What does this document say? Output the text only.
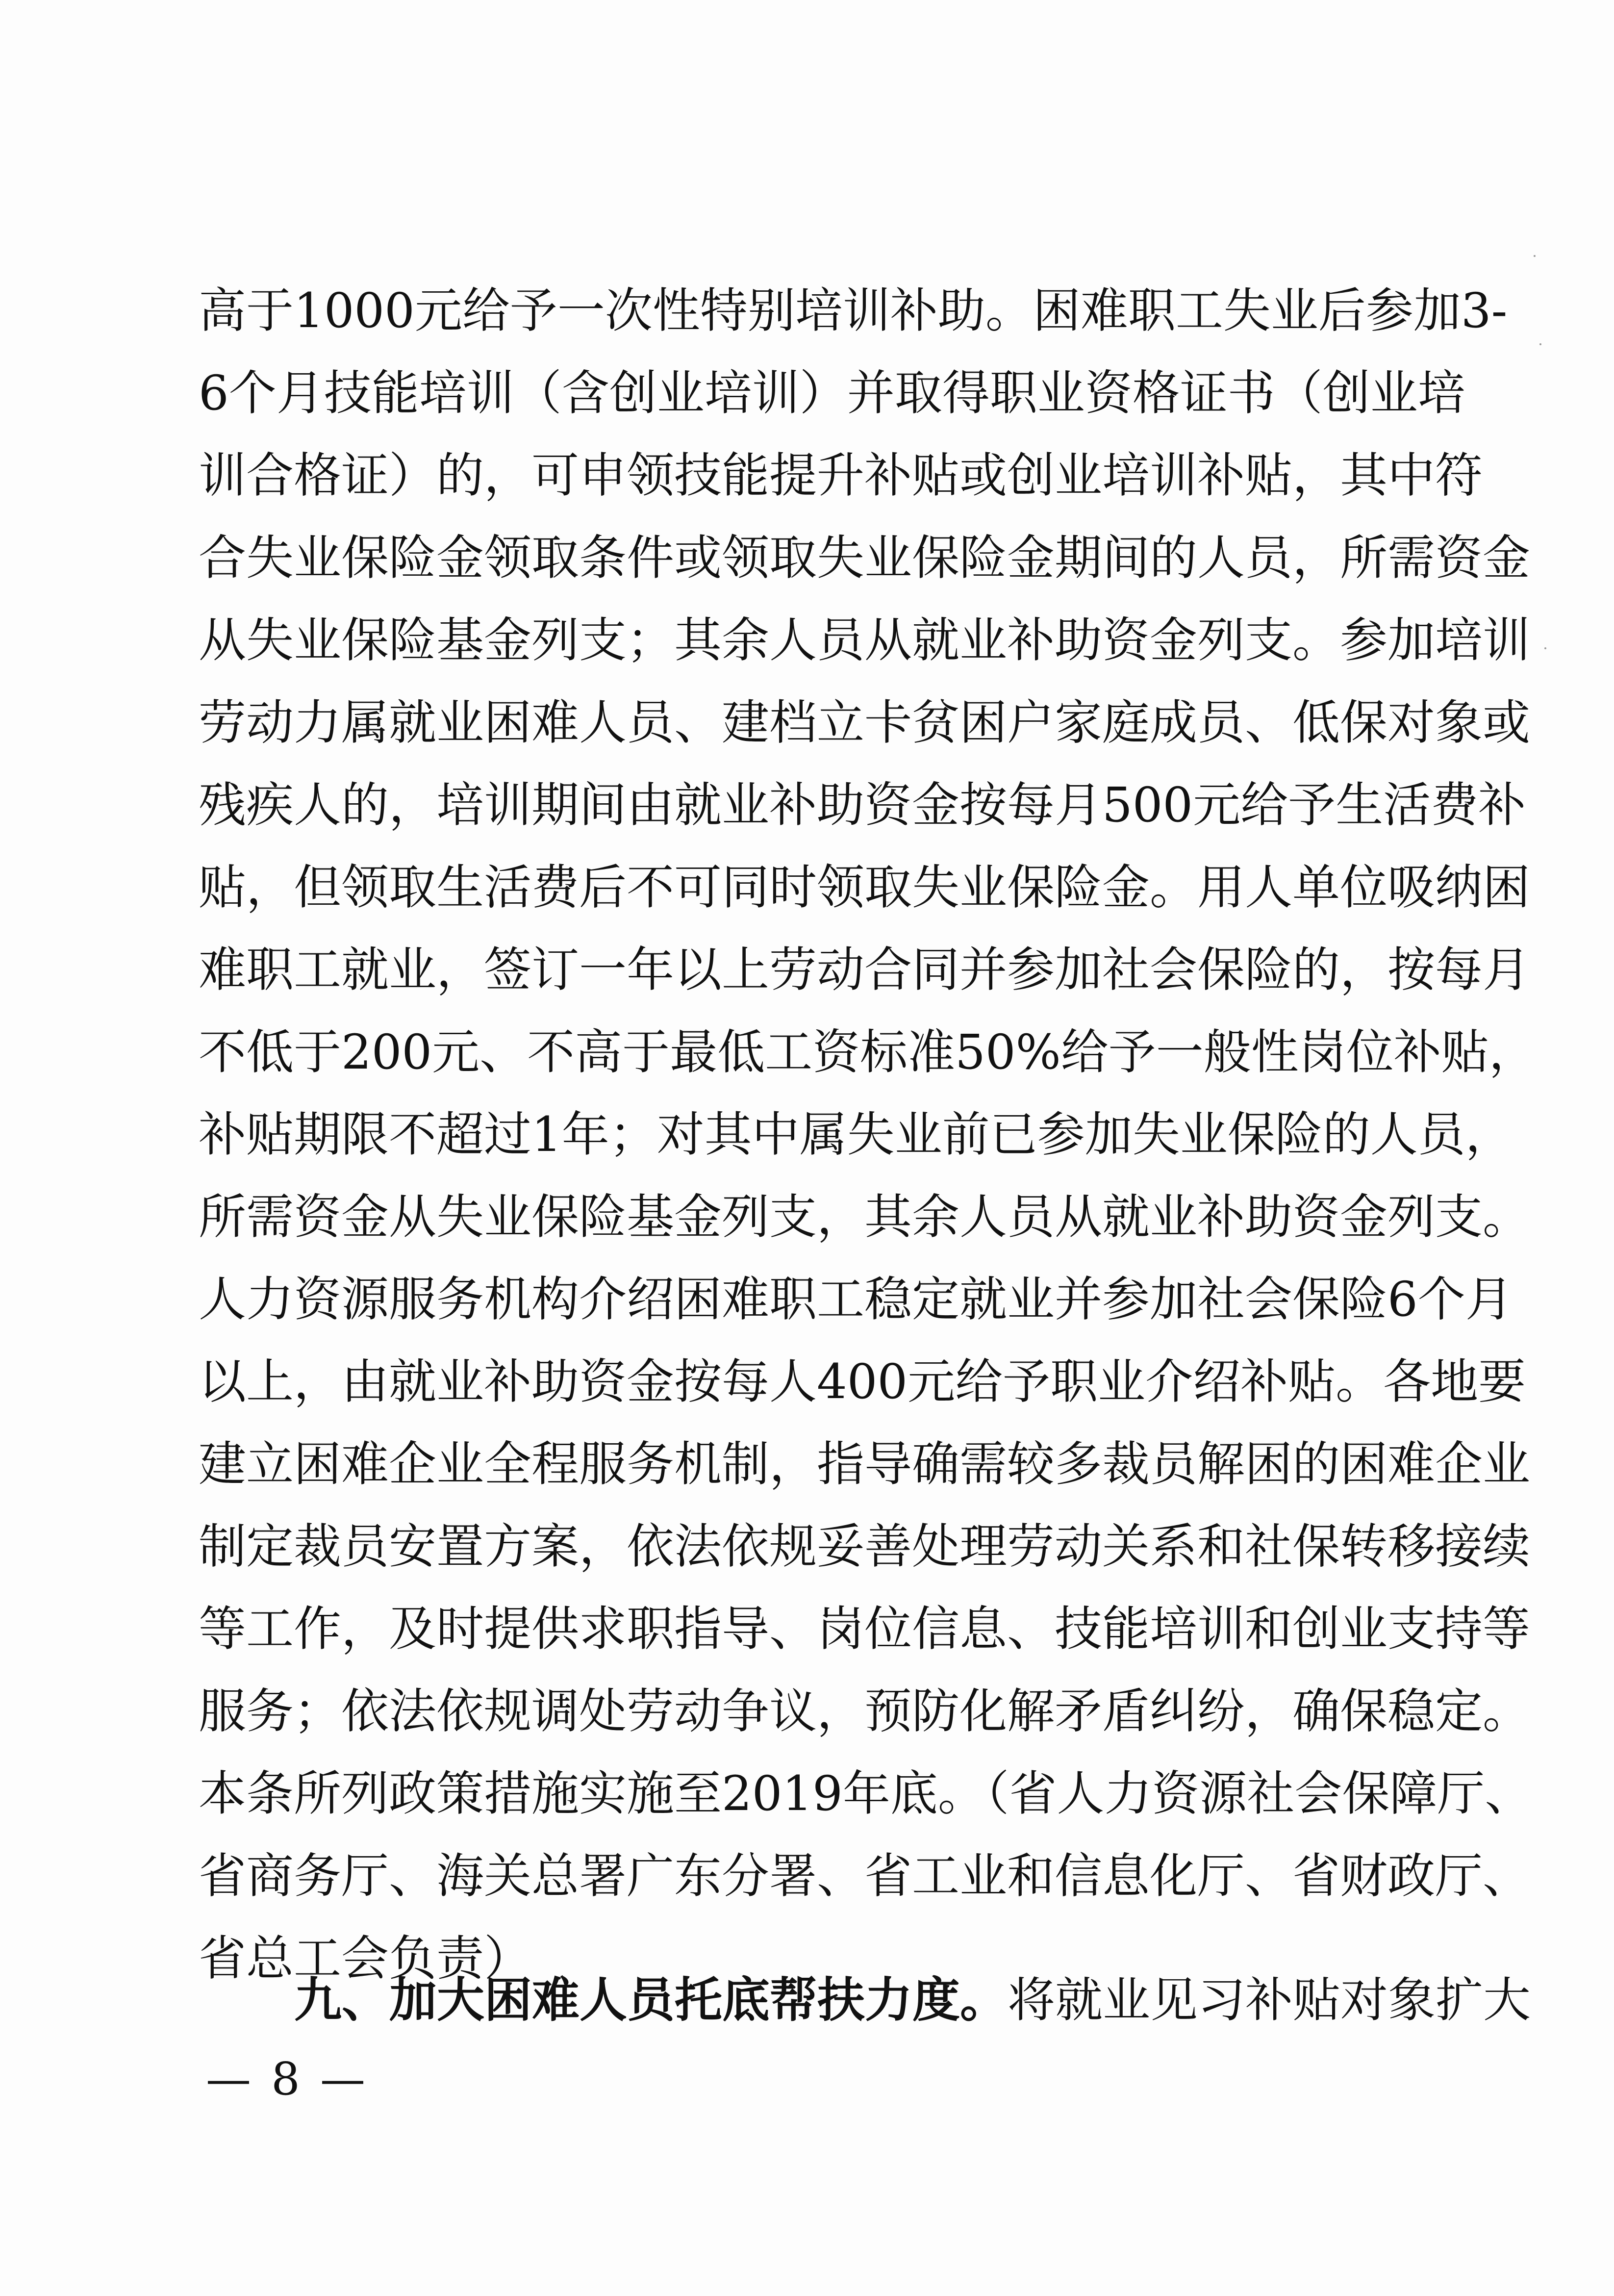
高于1000元给予一次性特别培训补助。困难职工失业后参加3-
6个月技能培训（含创业培训）并取得职业资格证书（创业培
训合格证）的，可申领技能提升补贴或创业培训补贴，其中符
合失业保险金领取条件或领取失业保险金期间的人员，所需资金
从失业保险基金列支；其余人员从就业补助资金列支。参加培训
劳动力属就业困难人员、建档立卡贫困户家庭成员、低保对象或
残疾人的，培训期间由就业补助资金按每月500元给予生活费补
贴，但领取生活费后不可同时领取失业保险金。用人单位吸纳困
难职工就业，签订一年以上劳动合同并参加社会保险的，按每月
不低于200元、不高于最低工资标准50%给予一般性岗位补贴，
补贴期限不超过1年；对其中属失业前已参加失业保险的人员，
所需资金从失业保险基金列支，其余人员从就业补助资金列支。
人力资源服务机构介绍困难职工稳定就业并参加社会保险6个月
以上，由就业补助资金按每人400元给予职业介绍补贴。各地要
建立困难企业全程服务机制，指导确需较多裁员解困的困难企业
制定裁员安置方案，依法依规妥善处理劳动关系和社保转移接续
等工作，及时提供求职指导、岗位信息、技能培训和创业支持等
服务；依法依规调处劳动争议，预防化解矛盾纠纷，确保稳定。
本条所列政策措施实施至2019年底。（省人力资源社会保障厅、
省商务厅、海关总署广东分署、省工业和信息化厅、省财政厅、
省总工会负责）
九、加大困难人员托底帮扶力度。将就业见习补贴对象扩大
— 8 —
